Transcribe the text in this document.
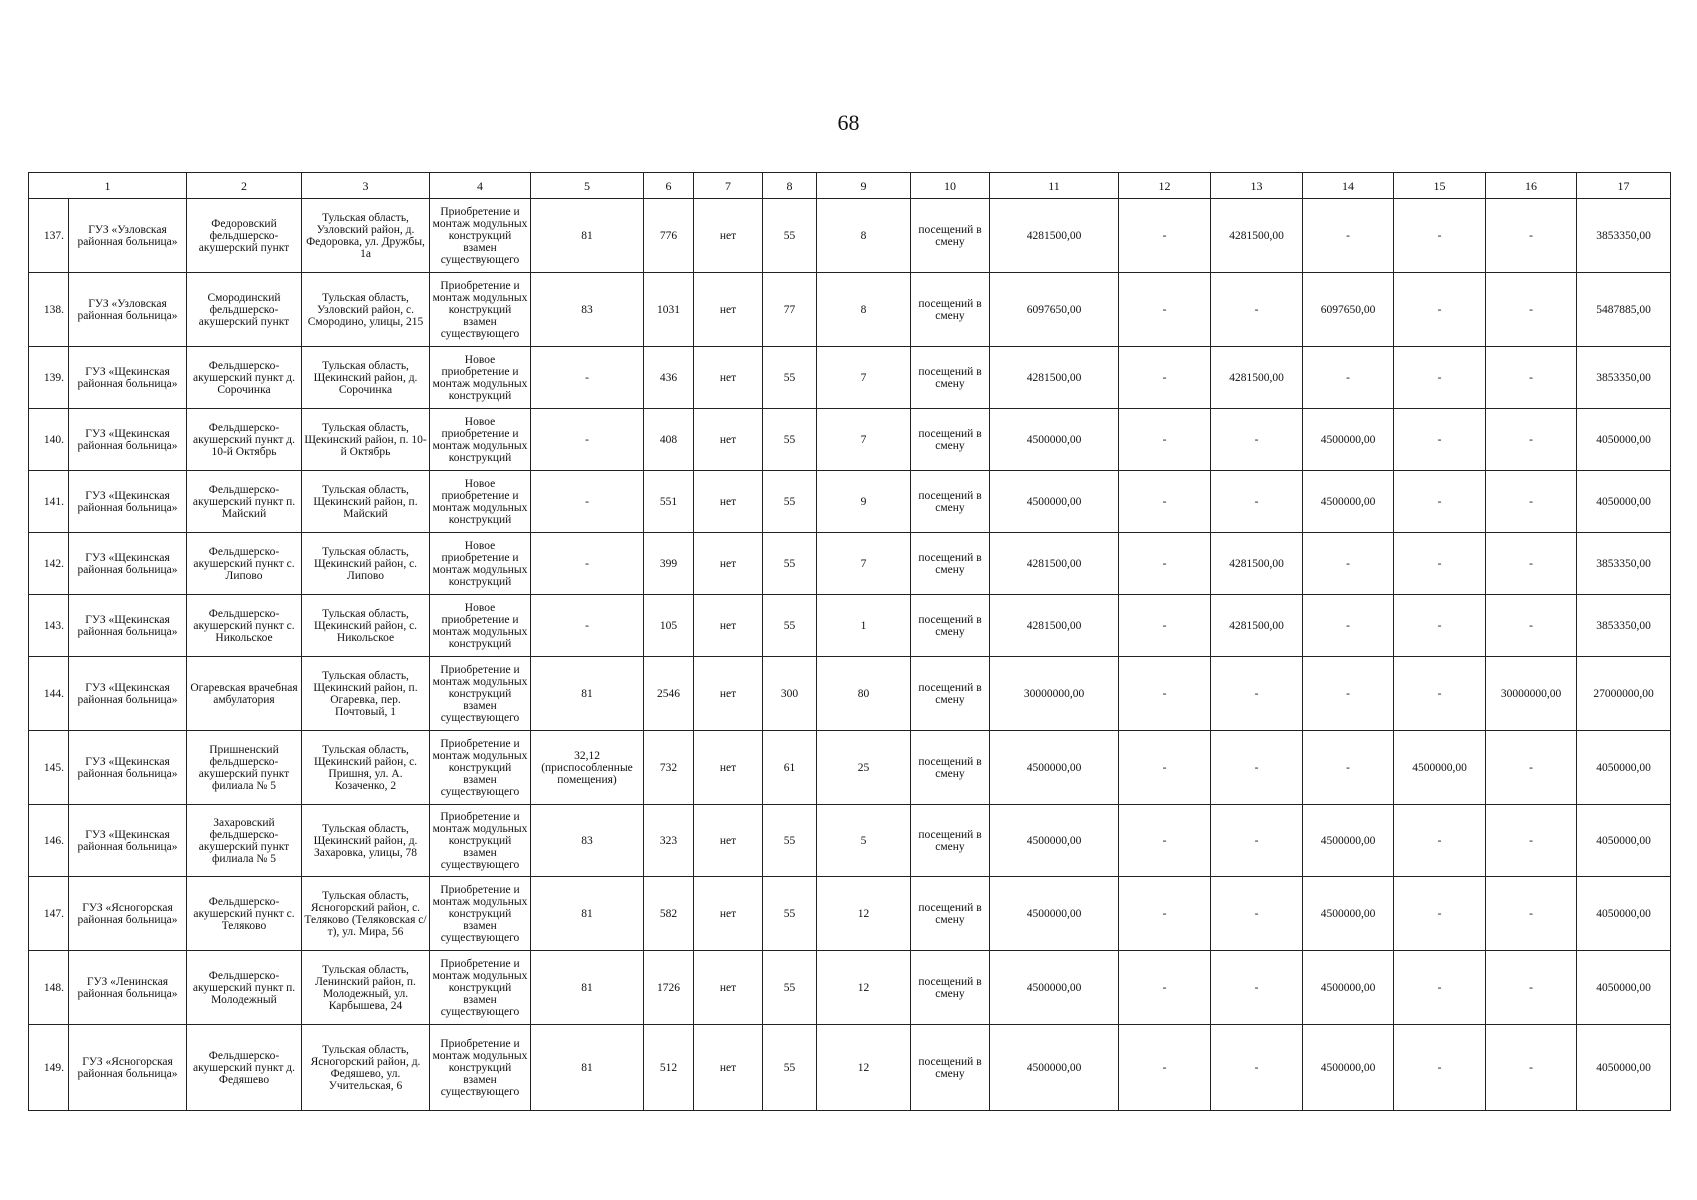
68
1		2	3	4	5	6	7	8	9	10	11	12	13	14	15	16	17
137.	ГУЗ «Узловская районная больница»	Федоровский фельдшерско-акушерский пункт	Тульская область, Узловский район, д. Федоровка, ул. Дружбы, 1а	Приобретение и монтаж модульных конструкций взамен существующего	81	776	нет	55	8	посещений в смену	4281500,00	-	4281500,00	-	-	-	3853350,00
138.	ГУЗ «Узловская районная больница»	Смородинский фельдшерско-акушерский пункт	Тульская область, Узловский район, с. Смородино, улицы, 215	Приобретение и монтаж модульных конструкций взамен существующего	83	1031	нет	77	8	посещений в смену	6097650,00	-	-	6097650,00	-	-	5487885,00
139.	ГУЗ «Щекинская районная больница»	Фельдшерско-акушерский пункт д. Сорочинка	Тульская область, Щекинский район, д. Сорочинка	Новое приобретение и монтаж модульных конструкций	-	436	нет	55	7	посещений в смену	4281500,00	-	4281500,00	-	-	-	3853350,00
140.	ГУЗ «Щекинская районная больница»	Фельдшерско-акушерский пункт д. 10-й Октябрь	Тульская область, Щекинский район, п. 10-й Октябрь	Новое приобретение и монтаж модульных конструкций	-	408	нет	55	7	посещений в смену	4500000,00	-	-	4500000,00	-	-	4050000,00
141.	ГУЗ «Щекинская районная больница»	Фельдшерско-акушерский пункт п. Майский	Тульская область, Щекинский район, п. Майский	Новое приобретение и монтаж модульных конструкций	-	551	нет	55	9	посещений в смену	4500000,00	-	-	4500000,00	-	-	4050000,00
142.	ГУЗ «Щекинская районная больница»	Фельдшерско-акушерский пункт с. Липово	Тульская область, Щекинский район, с. Липово	Новое приобретение и монтаж модульных конструкций	-	399	нет	55	7	посещений в смену	4281500,00	-	4281500,00	-	-	-	3853350,00
143.	ГУЗ «Щекинская районная больница»	Фельдшерско-акушерский пункт с. Никольское	Тульская область, Щекинский район, с. Никольское	Новое приобретение и монтаж модульных конструкций	-	105	нет	55	1	посещений в смену	4281500,00	-	4281500,00	-	-	-	3853350,00
144.	ГУЗ «Щекинская районная больница»	Огаревская врачебная амбулатория	Тульская область, Щекинский район, п. Огаревка, пер. Почтовый, 1	Приобретение и монтаж модульных конструкций взамен существующего	81	2546	нет	300	80	посещений в смену	30000000,00	-	-	-	-	30000000,00	27000000,00
145.	ГУЗ «Щекинская районная больница»	Пришненский фельдшерско-акушерский пункт филиала № 5	Тульская область, Щекинский район, с. Пришня, ул. А. Козаченко, 2	Приобретение и монтаж модульных конструкций взамен существующего	32,12 (приспособленные помещения)	732	нет	61	25	посещений в смену	4500000,00	-	-	-	4500000,00	-	4050000,00
146.	ГУЗ «Щекинская районная больница»	Захаровский фельдшерско-акушерский пункт филиала № 5	Тульская область, Щекинский район, д. Захаровка, улицы, 78	Приобретение и монтаж модульных конструкций взамен существующего	83	323	нет	55	5	посещений в смену	4500000,00	-	-	4500000,00	-	-	4050000,00
147.	ГУЗ «Ясногорская районная больница»	Фельдшерско-акушерский пункт с. Теляково	Тульская область, Ясногорский район, с. Теляково (Теляковская с/т), ул. Мира, 56	Приобретение и монтаж модульных конструкций взамен существующего	81	582	нет	55	12	посещений в смену	4500000,00	-	-	4500000,00	-	-	4050000,00
148.	ГУЗ «Ленинская районная больница»	Фельдшерско-акушерский пункт п. Молодежный	Тульская область, Ленинский район, п. Молодежный, ул. Карбышева, 24	Приобретение и монтаж модульных конструкций взамен существующего	81	1726	нет	55	12	посещений в смену	4500000,00	-	-	4500000,00	-	-	4050000,00
149.	ГУЗ «Ясногорская районная больница»	Фельдшерско-акушерский пункт д. Федяшево	Тульская область, Ясногорский район, д. Федяшево, ул. Учительская, 6	Приобретение и монтаж модульных конструкций взамен существующего	81	512	нет	55	12	посещений в смену	4500000,00	-	-	4500000,00	-	-	4050000,00
